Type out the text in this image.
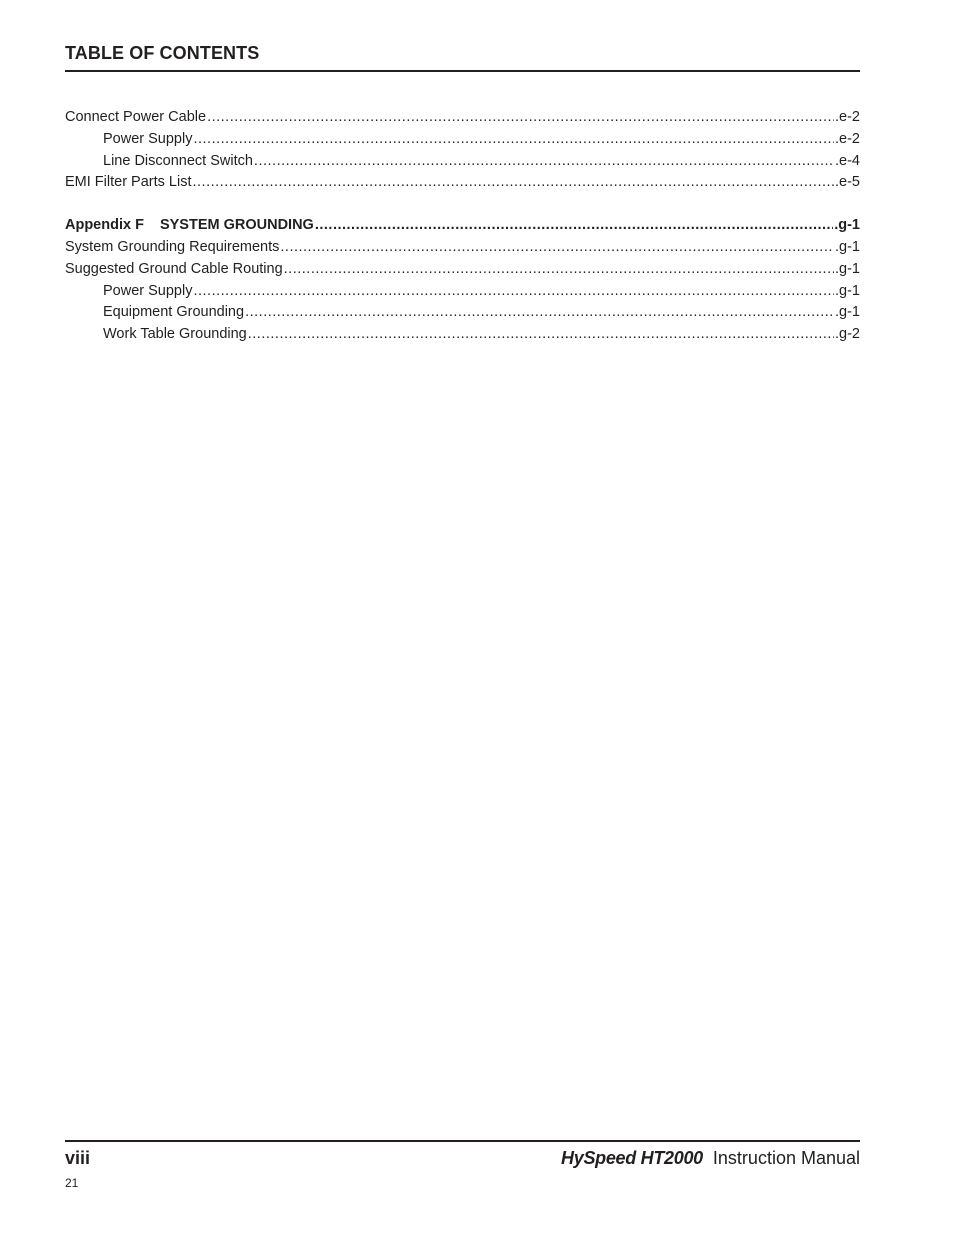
TABLE OF CONTENTS
Connect Power Cable .....	.e-2
Power Supply .....	.e-2
Line Disconnect Switch .....	.e-4
EMI Filter Parts List .....	.e-5
Appendix F SYSTEM GROUNDING .....	.g-1
System Grounding Requirements .....	.g-1
Suggested Ground Cable Routing .....	.g-1
Power Supply .....	.g-1
Equipment Grounding .....	.g-1
Work Table Grounding .....	.g-2
viii	HySpeed HT2000 Instruction Manual
21
